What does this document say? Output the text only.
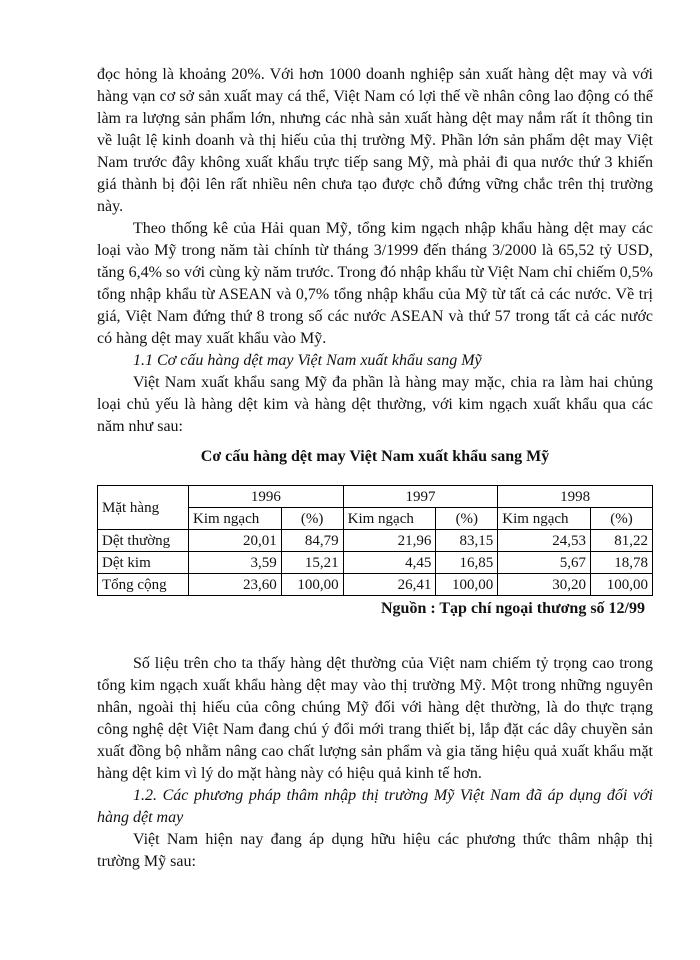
đọc hỏng là khoảng 20%. Với hơn 1000 doanh nghiệp sản xuất hàng dệt may và với hàng vạn cơ sở sản xuất may cá thể, Việt Nam có lợi thế về nhân công lao động có thể làm ra lượng sản phẩm lớn, nhưng các nhà sản xuất hàng dệt may nắm rất ít thông tin về luật lệ kinh doanh và thị hiếu của thị trường Mỹ. Phần lớn sản phẩm dệt may Việt Nam trước đây không xuất khẩu trực tiếp sang Mỹ, mà phải đi qua nước thứ 3 khiến giá thành bị đội lên rất nhiều nên chưa tạo được chỗ đứng vững chắc trên thị trường này.

Theo thống kê của Hải quan Mỹ, tổng kim ngạch nhập khẩu hàng dệt may các loại vào Mỹ trong năm tài chính từ tháng 3/1999 đến tháng 3/2000 là 65,52 tỷ USD, tăng 6,4% so với cùng kỳ năm trước. Trong đó nhập khẩu từ Việt Nam chỉ chiếm 0,5% tổng nhập khẩu từ ASEAN và 0,7% tổng nhập khẩu của Mỹ từ tất cả các nước. Về trị giá, Việt Nam đứng thứ 8 trong số các nước ASEAN và thứ 57 trong tất cả các nước có hàng dệt may xuất khẩu vào Mỹ.

1.1 Cơ cấu hàng dệt may Việt Nam xuất khẩu sang Mỹ

Việt Nam xuất khẩu sang Mỹ đa phần là hàng may mặc, chia ra làm hai chủng loại chủ yếu là hàng dệt kim và hàng dệt thường, với kim ngạch xuất khẩu qua các năm như sau:

Cơ cấu hàng dệt may Việt Nam xuất khẩu sang Mỹ
Mặt hàng	1996		1997		1998	
	Kim ngạch	(%)	Kim ngạch	(%)	Kim ngạch	(%)
Dệt thường	20,01	84,79	21,96	83,15	24,53	81,22
Dệt kim	3,59	15,21	4,45	16,85	5,67	18,78
Tổng cộng	23,60	100,00	26,41	100,00	30,20	100,00
Nguồn : Tạp chí ngoại thương số 12/99

Số liệu trên cho ta thấy hàng dệt thường của Việt nam chiếm tỷ trọng cao trong tổng kim ngạch xuất khẩu hàng dệt may vào thị trường Mỹ. Một trong những nguyên nhân, ngoài thị hiếu của công chúng Mỹ đối với hàng dệt thường, là do thực trạng công nghệ dệt Việt Nam đang chú ý đổi mới trang thiết bị, lắp đặt các dây chuyền sản xuất đồng bộ nhằm nâng cao chất lượng sản phẩm và gia tăng hiệu quả xuất khẩu mặt hàng dệt kim vì lý do mặt hàng này có hiệu quả kinh tế hơn.

1.2. Các phương pháp thâm nhập thị trường Mỹ Việt Nam đã áp dụng đối với hàng dệt may

Việt Nam hiện nay đang áp dụng hữu hiệu các phương thức thâm nhập thị trường Mỹ sau:
